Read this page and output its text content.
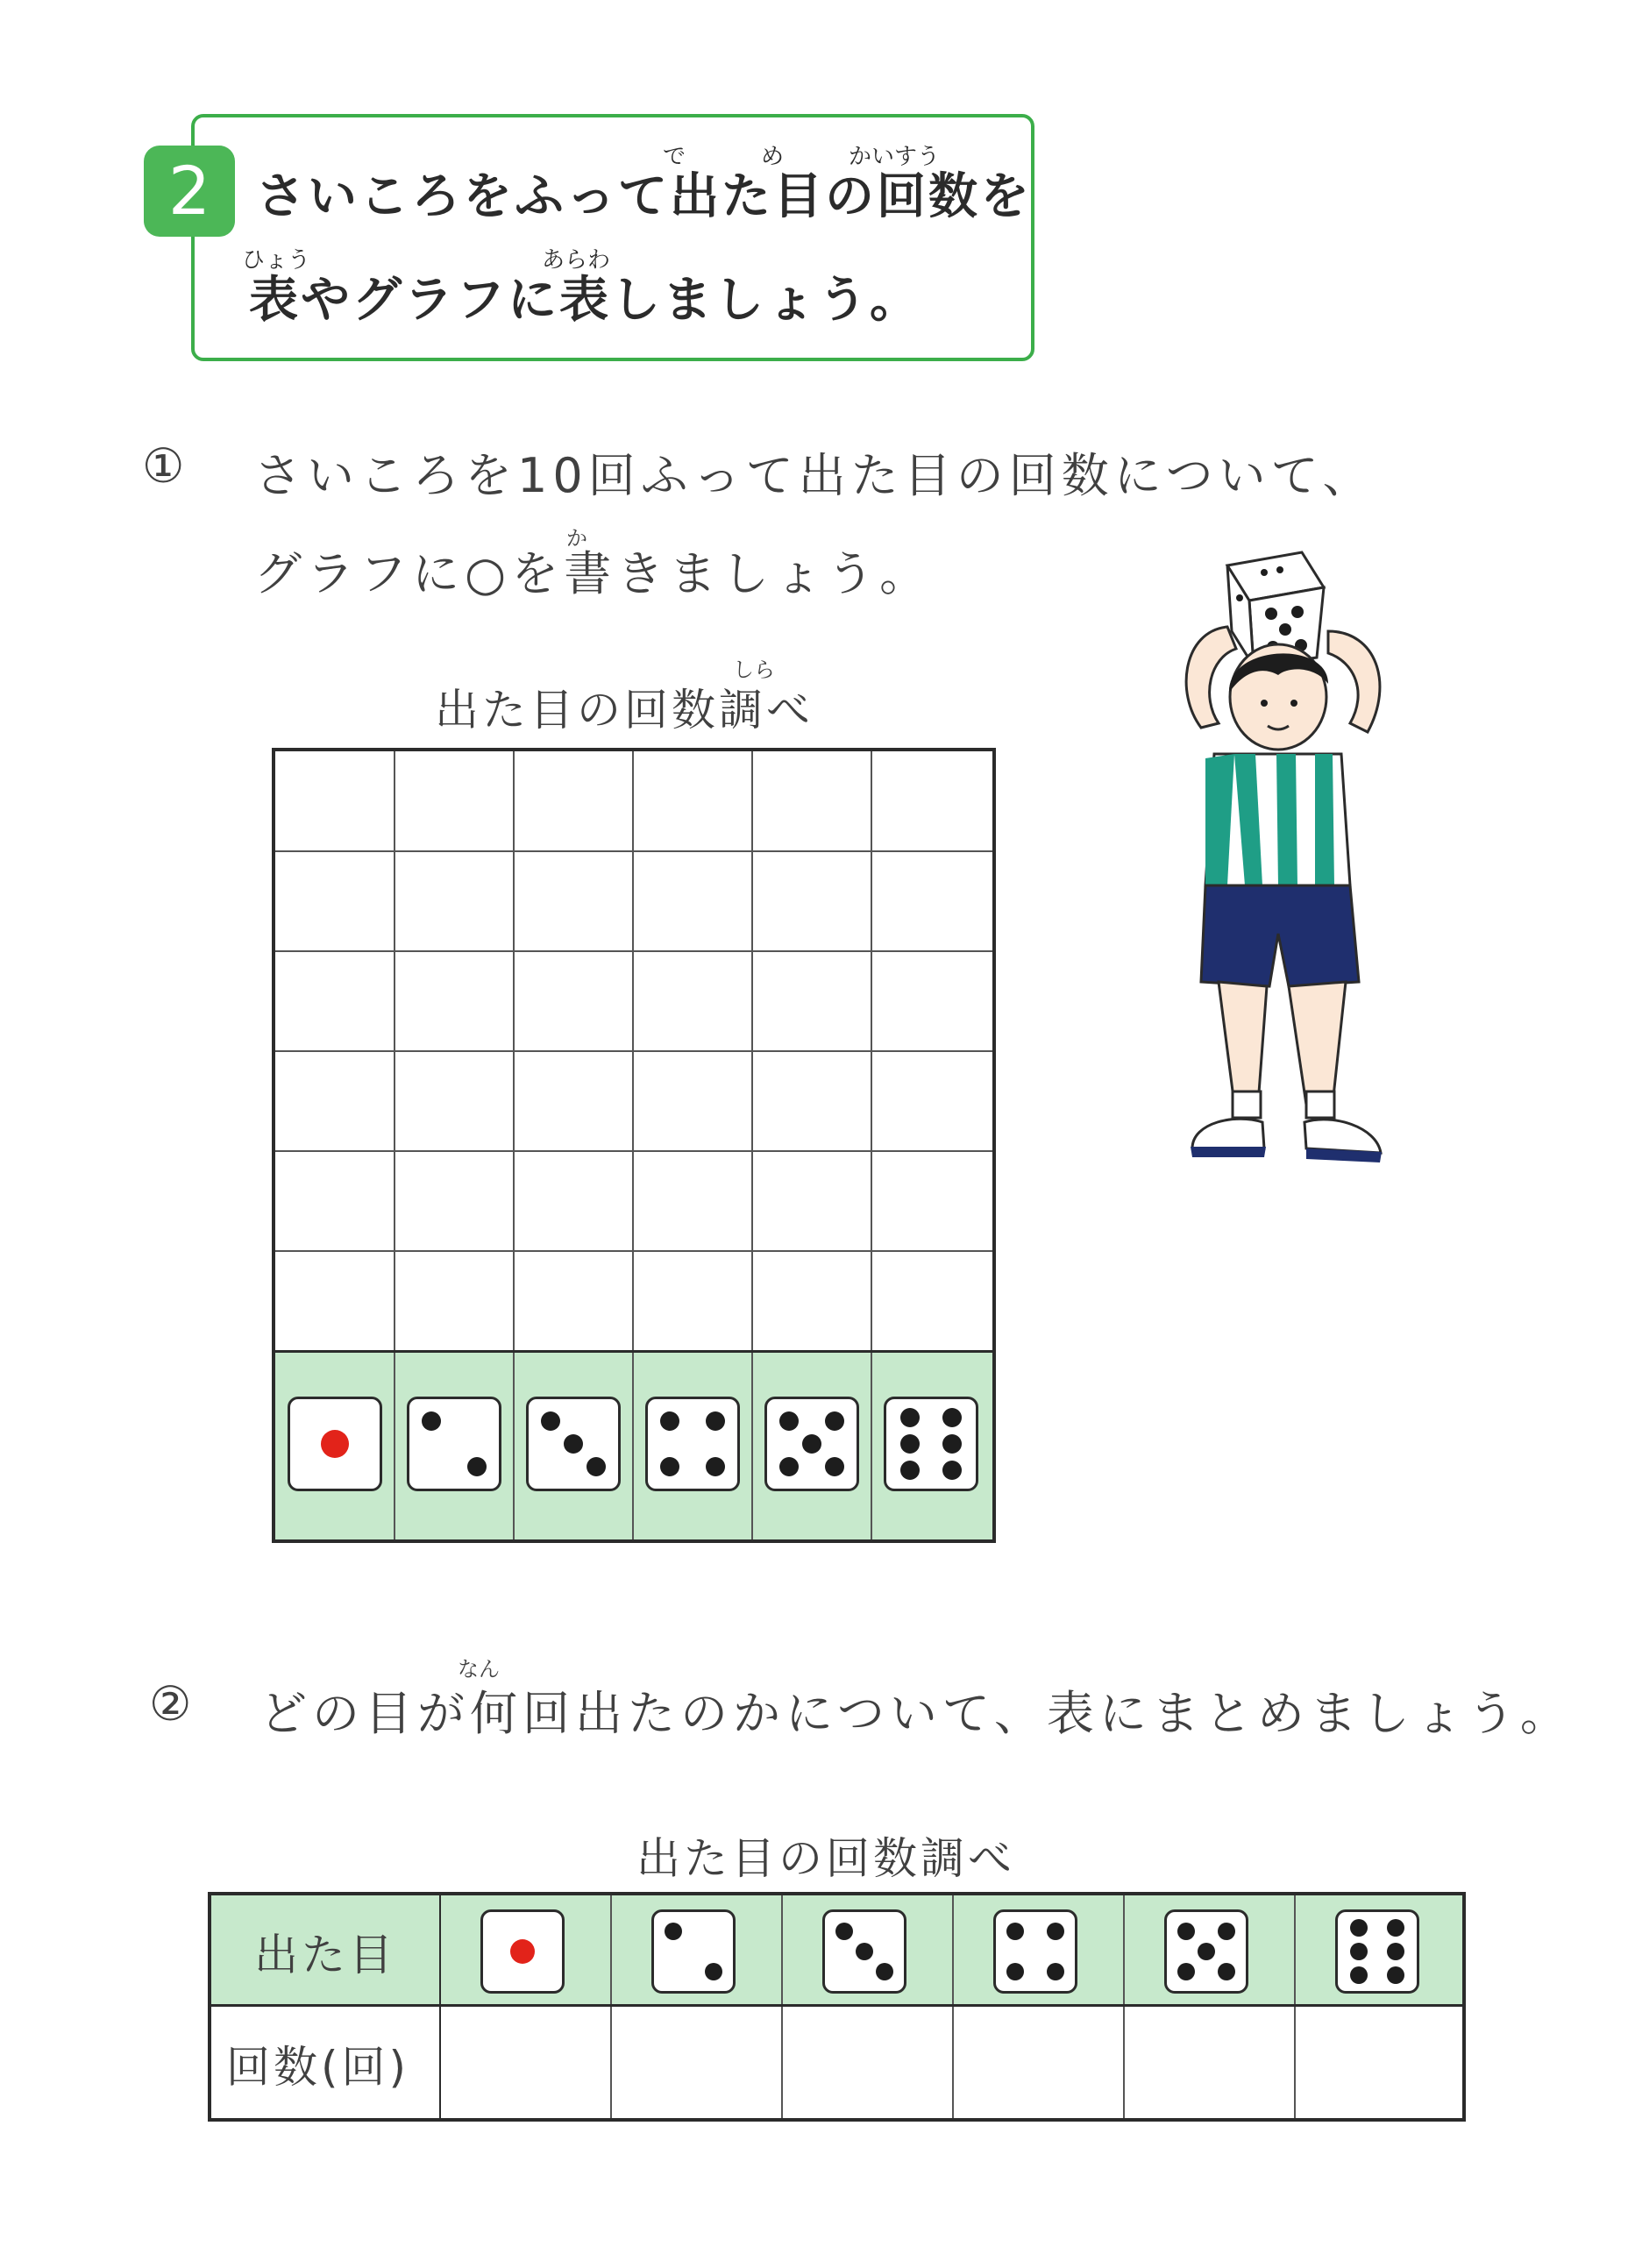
2	で	め	かいすう
さいころをふって出た目の回数を
ひょう	あらわ
表やグラフに表しましょう。
① さいころを10回ふって出た目の回数について、
か
グラフに○を書きましょう。
しら
出た目の回数調べ
②
なん
どの目が何回出たのかについて、表にまとめましょう。
出た目の回数調べ
出た目
回数(回)
